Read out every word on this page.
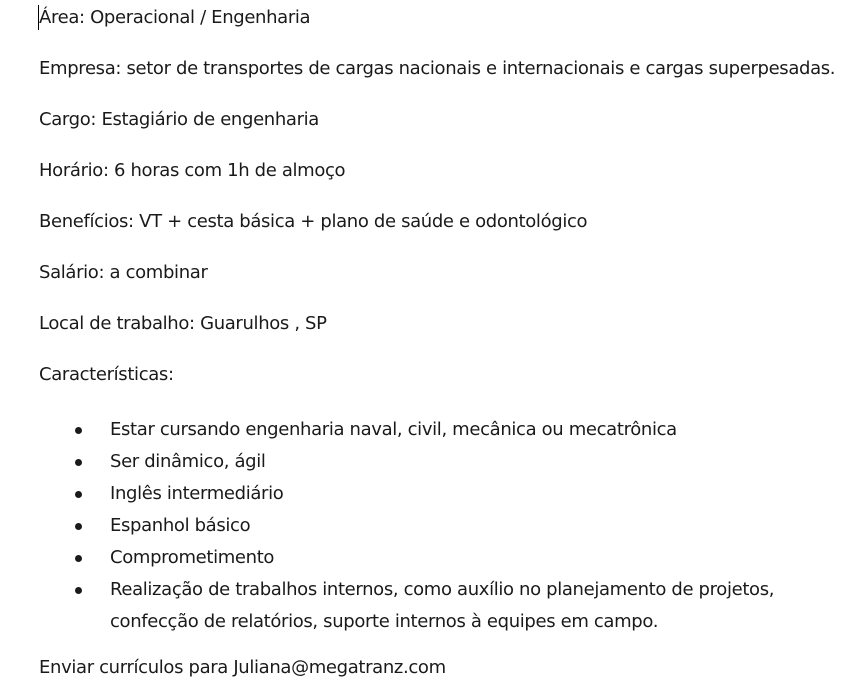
Área: Operacional / Engenharia
Empresa: setor de transportes de cargas nacionais e internacionais e cargas superpesadas.
Cargo: Estagiário de engenharia
Horário: 6 horas com 1h de almoço
Benefícios: VT + cesta básica + plano de saúde e odontológico
Salário: a combinar
Local de trabalho: Guarulhos , SP
Características:
Estar cursando engenharia naval, civil, mecânica ou mecatrônica
Ser dinâmico, ágil
Inglês intermediário
Espanhol básico
Comprometimento
Realização de trabalhos internos, como auxílio no planejamento de projetos,
confecção de relatórios, suporte internos à equipes em campo.
Enviar currículos para Juliana@megatranz.com
